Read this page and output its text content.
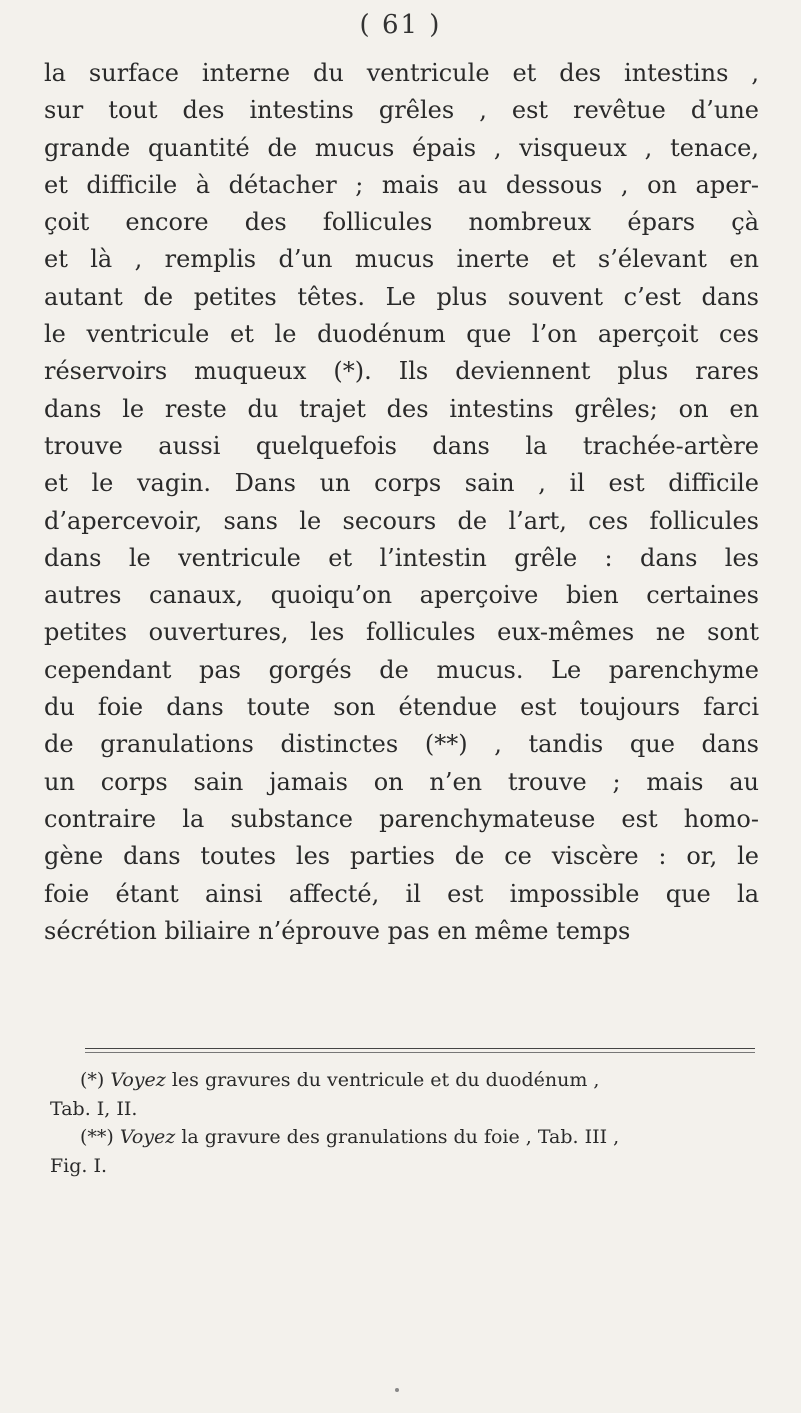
( 61 )
la surface interne du ventricule et des intestins ,
sur tout des intestins grêles , est revêtue d’une
grande quantité de mucus épais , visqueux , tenace,
et difficile à détacher ; mais au dessous , on aper-
çoit encore des follicules nombreux épars çà
et là , remplis d’un mucus inerte et s’élevant en
autant de petites têtes. Le plus souvent c’est dans
le ventricule et le duodénum que l’on aperçoit ces
réservoirs muqueux (*). Ils deviennent plus rares
dans le reste du trajet des intestins grêles; on en
trouve aussi quelquefois dans la trachée-artère
et le vagin. Dans un corps sain , il est difficile
d’apercevoir, sans le secours de l’art, ces follicules
dans le ventricule et l’intestin grêle : dans les
autres canaux, quoiqu’on aperçoive bien certaines
petites ouvertures, les follicules eux-mêmes ne sont
cependant pas gorgés de mucus. Le parenchyme
du foie dans toute son étendue est toujours farci
de granulations distinctes (**) , tandis que dans
un corps sain jamais on n’en trouve ; mais au
contraire la substance parenchymateuse est homo-
gène dans toutes les parties de ce viscère : or, le
foie étant ainsi affecté, il est impossible que la
sécrétion biliaire n’éprouve pas en même temps
(*) Voyez les gravures du ventricule et du duodénum ,
Tab. I, II.
(**) Voyez la gravure des granulations du foie , Tab. III ,
Fig. I.
